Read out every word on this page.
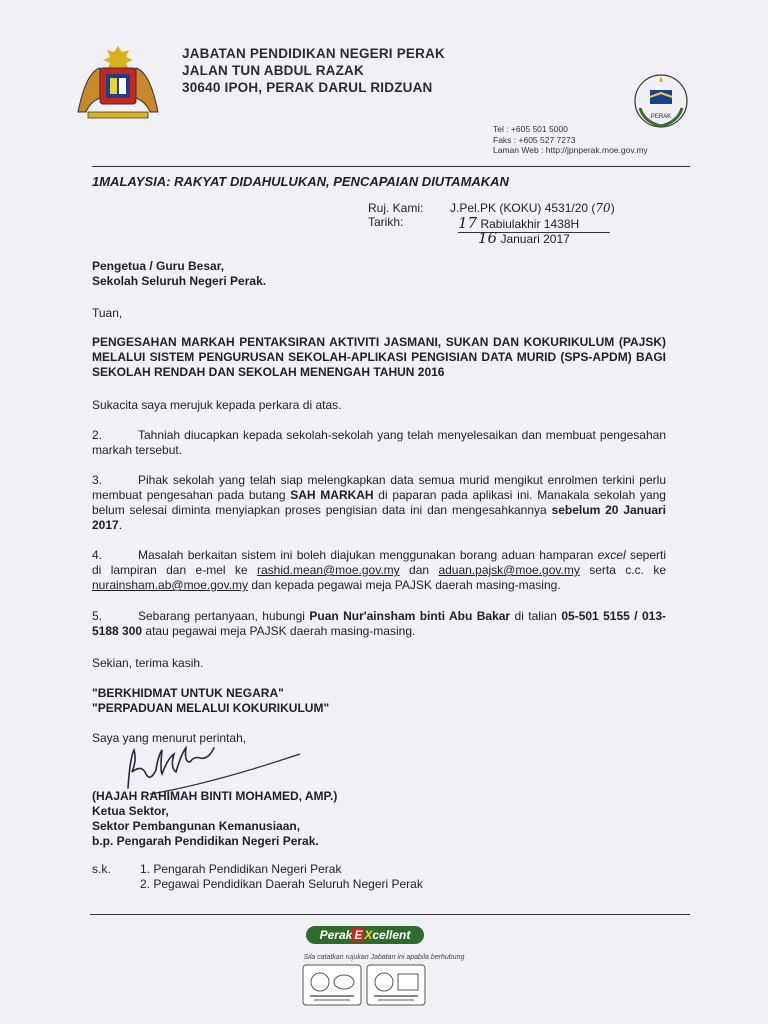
JABATAN PENDIDIKAN NEGERI PERAK
JALAN TUN ABDUL RAZAK
30640 IPOH, PERAK DARUL RIDZUAN
PERAK
Tel : +605 501 5000
Faks : +605 527 7273
Laman Web : http://jpnperak.moe.gov.my
1MALAYSIA: RAKYAT DIDAHULUKAN, PENCAPAIAN DIUTAMAKAN
Ruj. Kami: J.Pel.PK (KOKU) 4531/20 (70)
Tarikh:	17 Rabiulakhir 1438H
16 Januari 2017
Pengetua / Guru Besar,
Sekolah Seluruh Negeri Perak.
Tuan,
PENGESAHAN MARKAH PENTAKSIRAN AKTIVITI JASMANI, SUKAN DAN KOKURIKULUM (PAJSK) MELALUI SISTEM PENGURUSAN SEKOLAH-APLIKASI PENGISIAN DATA MURID (SPS-APDM) BAGI SEKOLAH RENDAH DAN SEKOLAH MENENGAH TAHUN 2016
Sukacita saya merujuk kepada perkara di atas.
2.	Tahniah diucapkan kepada sekolah-sekolah yang telah menyelesaikan dan membuat pengesahan markah tersebut.
3.	Pihak sekolah yang telah siap melengkapkan data semua murid mengikut enrolmen terkini perlu membuat pengesahan pada butang SAH MARKAH di paparan pada aplikasi ini. Manakala sekolah yang belum selesai diminta menyiapkan proses pengisian data ini dan mengesahkannya sebelum 20 Januari 2017.
4.	Masalah berkaitan sistem ini boleh diajukan menggunakan borang aduan hamparan excel seperti di lampiran dan e-mel ke rashid.mean@moe.gov.my dan aduan.pajsk@moe.gov.my serta c.c. ke nurainsham.ab@moe.gov.my dan kepada pegawai meja PAJSK daerah masing-masing.
5.	Sebarang pertanyaan, hubungi Puan Nur'ainsham binti Abu Bakar di talian 05-501 5155 / 013-5188 300 atau pegawai meja PAJSK daerah masing-masing.
Sekian, terima kasih.
"BERKHIDMAT UNTUK NEGARA"
"PERPADUAN MELALUI KOKURIKULUM"
Saya yang menurut perintah,
(HAJAH RAHIMAH BINTI MOHAMED, AMP.)
Ketua Sektor,
Sektor Pembangunan Kemanusiaan,
b.p. Pengarah Pendidikan Negeri Perak.
s.k. 1. Pengarah Pendidikan Negeri Perak
2. Pegawai Pendidikan Daerah Seluruh Negeri Perak
Perak E Xcellent
Sila catatkan rujukan Jabatan ini apabila berhubung
